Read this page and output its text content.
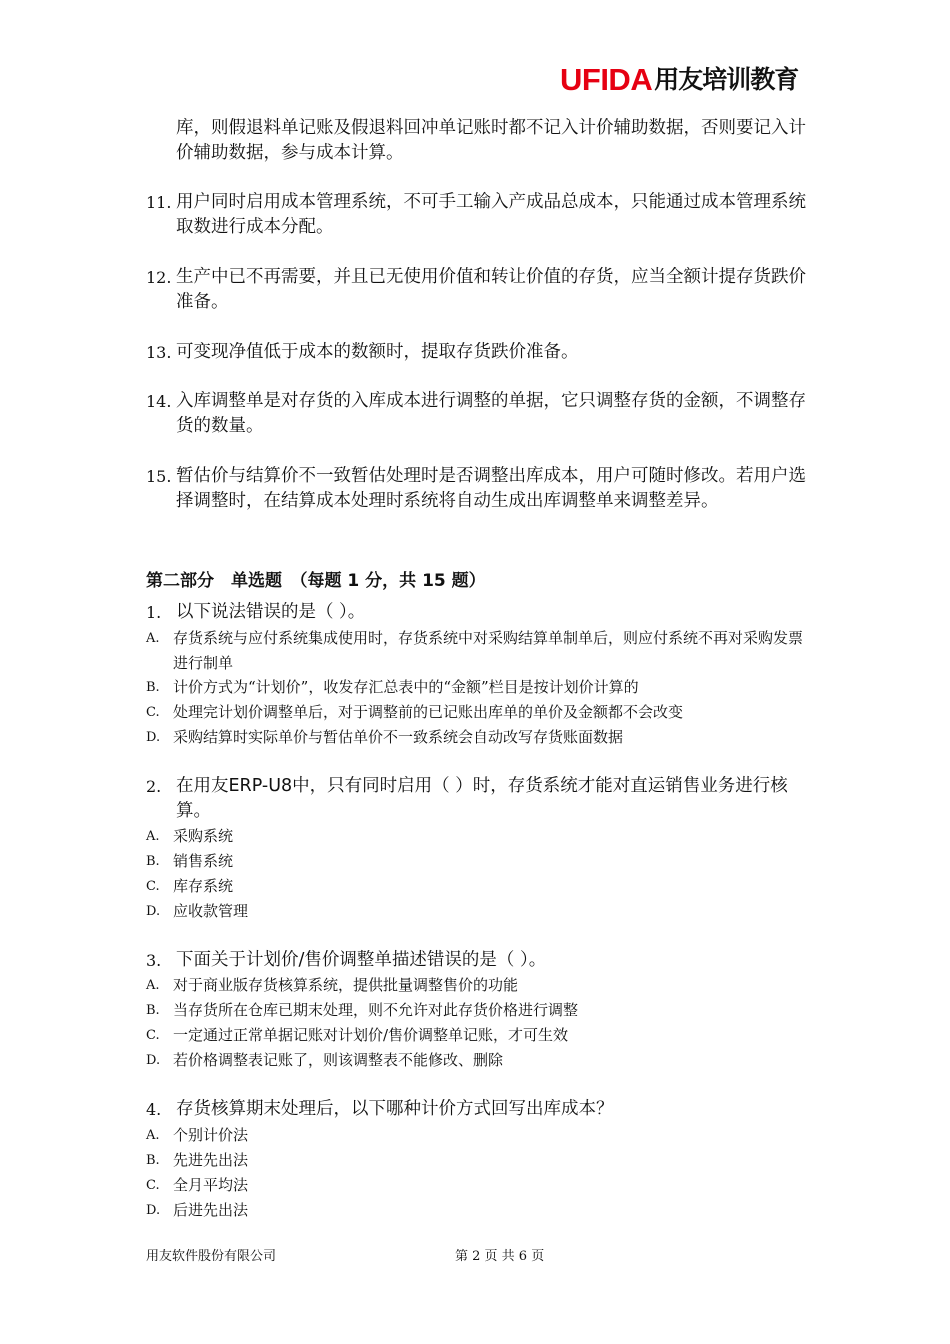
UFIDA 用友培训教育
库，则假退料单记账及假退料回冲单记账时都不记入计价辅助数据，否则要记入计价辅助数据，参与成本计算。
11. 用户同时启用成本管理系统，不可手工输入产成品总成本，只能通过成本管理系统取数进行成本分配。
12. 生产中已不再需要，并且已无使用价值和转让价值的存货，应当全额计提存货跌价准备。
13. 可变现净值低于成本的数额时，提取存货跌价准备。
14. 入库调整单是对存货的入库成本进行调整的单据，它只调整存货的金额，不调整存货的数量。
15. 暂估价与结算价不一致暂估处理时是否调整出库成本，用户可随时修改。若用户选择调整时，在结算成本处理时系统将自动生成出库调整单来调整差异。
第二部分　单选题　（每题 1 分，共 15 题）
1. 以下说法错误的是（ ）。
A. 存货系统与应付系统集成使用时，存货系统中对采购结算单制单后，则应付系统不再对采购发票进行制单
B. 计价方式为“计划价”，收发存汇总表中的“金额”栏目是按计划价计算的
C. 处理完计划价调整单后，对于调整前的已记账出库单的单价及金额都不会改变
D. 采购结算时实际单价与暂估单价不一致系统会自动改写存货账面数据
2. 在用友ERP-U8中，只有同时启用（ ）时，存货系统才能对直运销售业务进行核算。
A. 采购系统
B. 销售系统
C. 库存系统
D. 应收款管理
3. 下面关于计划价/售价调整单描述错误的是（ ）。
A. 对于商业版存货核算系统，提供批量调整售价的功能
B. 当存货所在仓库已期末处理，则不允许对此存货价格进行调整
C. 一定通过正常单据记账对计划价/售价调整单记账，才可生效
D. 若价格调整表记账了，则该调整表不能修改、删除
4. 存货核算期末处理后，以下哪种计价方式回写出库成本？
A. 个别计价法
B. 先进先出法
C. 全月平均法
D. 后进先出法
用友软件股份有限公司	第 2 页 共 6 页
